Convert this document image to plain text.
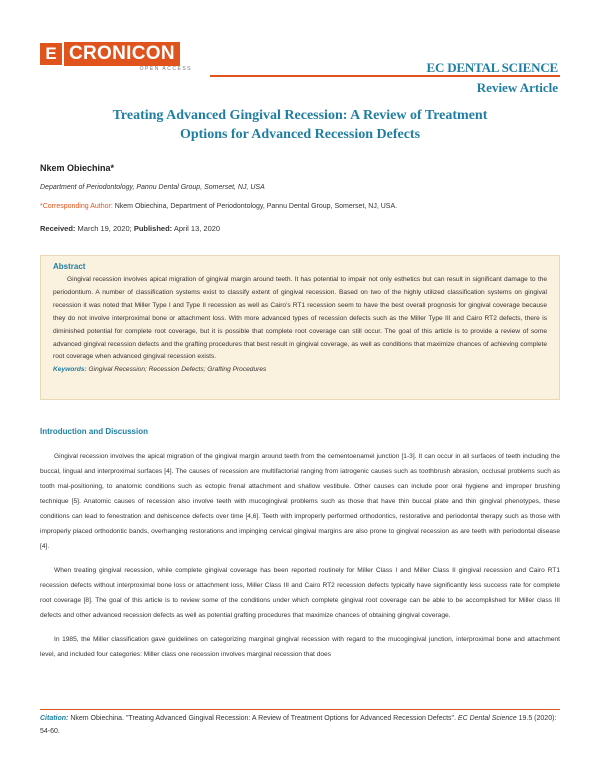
E CRONICON
OPEN ACCESS	EC DENTAL SCIENCE
Review Article
Treating Advanced Gingival Recession: A Review of Treatment
Options for Advanced Recession Defects
Nkem Obiechina*
Department of Periodontology, Pannu Dental Group, Somerset, NJ, USA
*Corresponding Author: Nkem Obiechina, Department of Periodontology, Pannu Dental Group, Somerset, NJ, USA.
Received: March 19, 2020; Published: April 13, 2020
Abstract

Gingival recession involves apical migration of gingival margin around teeth. It has potential to impair not only esthetics but can result in significant damage to the periodontium. A number of classification systems exist to classify extent of gingival recession. Based on two of the highly utilized classification systems on gingival recession it was noted that Miller Type I and Type II recession as well as Cairo's RT1 recession seem to have the best overall prognosis for gingival coverage because they do not involve interproximal bone or attachment loss. With more advanced types of recession defects such as the Miller Type III and Cairo RT2 defects, there is diminished potential for complete root coverage, but it is possible that complete root coverage can still occur. The goal of this article is to provide a review of some advanced gingival recession defects and the grafting procedures that best result in gingival coverage, as well as conditions that maximize chances of achieving complete root coverage when advanced gingival recession exists.

Keywords: Gingival Recession; Recession Defects; Grafting Procedures
Introduction and Discussion

Gingival recession involves the apical migration of the gingival margin around teeth from the cementoenamel junction [1-3]. It can occur in all surfaces of teeth including the buccal, lingual and interproximal surfaces [4]. The causes of recession are multifactorial ranging from iatrogenic causes such as toothbrush abrasion, occlusal problems such as tooth mal-positioning, to anatomic conditions such as ectopic frenal attachment and shallow vestibule. Other causes can include poor oral hygiene and improper brushing technique [5]. Anatomic causes of recession also involve teeth with mucogingival problems such as those that have thin buccal plate and thin gingival phenotypes, these conditions can lead to fenestration and dehiscence defects over time [4,6]. Teeth with improperly performed orthodontics, restorative and periodontal therapy such as those with improperly placed orthodontic bands, overhanging restorations and impinging cervical gingival margins are also prone to gingival recession as are teeth with periodontal disease [4].

When treating gingival recession, while complete gingival coverage has been reported routinely for Miller Class I and Miller Class II gingival recession and Cairo RT1 recession defects without interproximal bone loss or attachment loss, Miller Class III and Cairo RT2 recession defects typically have significantly less success rate for complete root coverage [8]. The goal of this article is to review some of the conditions under which complete gingival root coverage can be able to be accomplished for Miller class III defects and other advanced recession defects as well as potential grafting procedures that maximize chances of obtaining gingival coverage.

In 1985, the Miller classification gave guidelines on categorizing marginal gingival recession with regard to the mucogingival junction, interproximal bone and attachment level, and included four categories: Miller class one recession involves marginal recession that does

Citation: Nkem Obiechina. "Treating Advanced Gingival Recession: A Review of Treatment Options for Advanced Recession Defects". EC Dental Science 19.5 (2020): 54-60.
